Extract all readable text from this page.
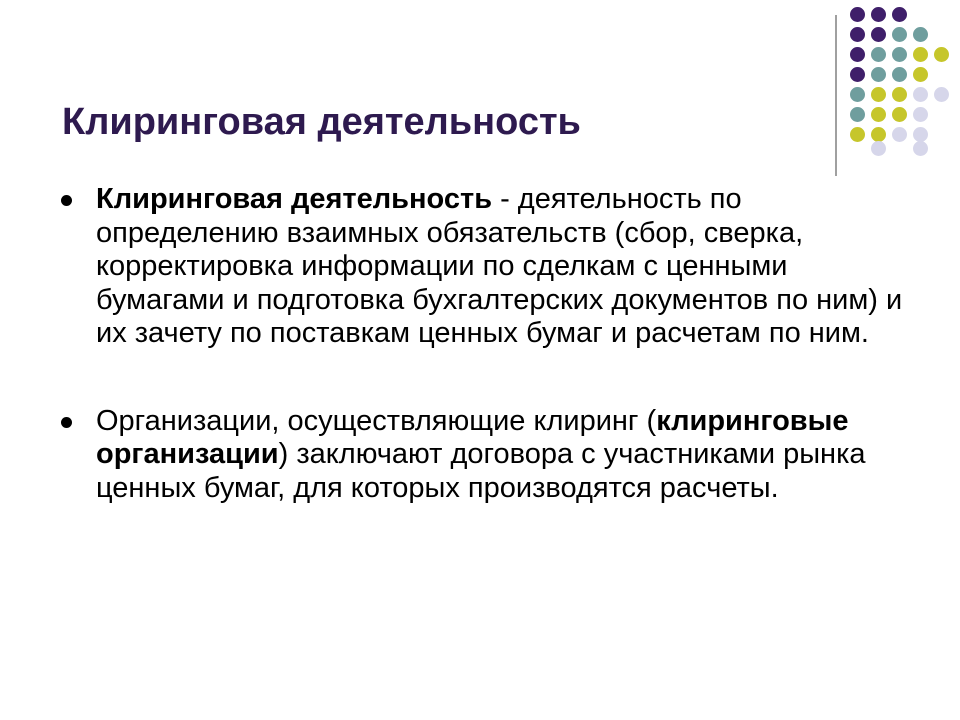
Клиринговая деятельность
Клиринговая деятельность - деятельность по определению взаимных обязательств (сбор, сверка, корректировка информации по сделкам с ценными бумагами и подготовка бухгалтерских документов по ним) и их зачету по поставкам ценных бумаг и расчетам по ним.
Организации, осуществляющие клиринг (клиринговые организации) заключают договора с участниками рынка ценных бумаг, для которых производятся расчеты.
